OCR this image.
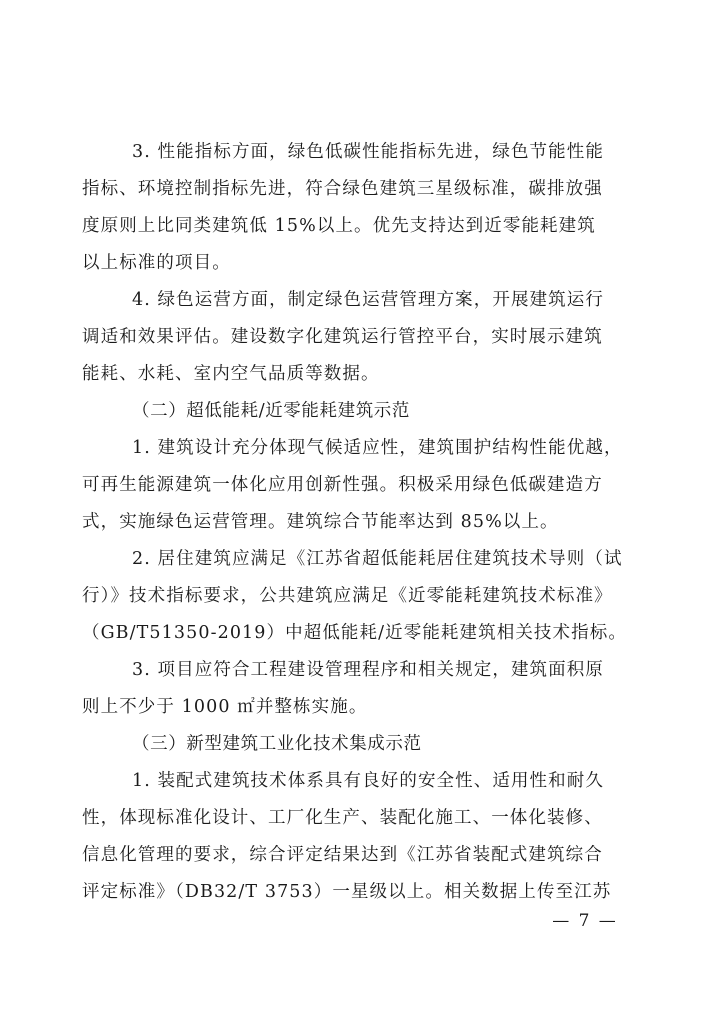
3. 性能指标方面，绿色低碳性能指标先进，绿色节能性能
指标、环境控制指标先进，符合绿色建筑三星级标准，碳排放强
度原则上比同类建筑低 15%以上。优先支持达到近零能耗建筑
以上标准的项目。
4. 绿色运营方面，制定绿色运营管理方案，开展建筑运行
调适和效果评估。建设数字化建筑运行管控平台，实时展示建筑
能耗、水耗、室内空气品质等数据。
（二）超低能耗/近零能耗建筑示范
1. 建筑设计充分体现气候适应性，建筑围护结构性能优越，
可再生能源建筑一体化应用创新性强。积极采用绿色低碳建造方
式，实施绿色运营管理。建筑综合节能率达到 85%以上。
2. 居住建筑应满足《江苏省超低能耗居住建筑技术导则（试
行）》技术指标要求，公共建筑应满足《近零能耗建筑技术标准》
（GB/T51350-2019）中超低能耗/近零能耗建筑相关技术指标。
3. 项目应符合工程建设管理程序和相关规定，建筑面积原
则上不少于 1000 ㎡并整栋实施。
（三）新型建筑工业化技术集成示范
1. 装配式建筑技术体系具有良好的安全性、适用性和耐久
性，体现标准化设计、工厂化生产、装配化施工、一体化装修、
信息化管理的要求，综合评定结果达到《江苏省装配式建筑综合
评定标准》（DB32/T 3753）一星级以上。相关数据上传至江苏
— 7 —
